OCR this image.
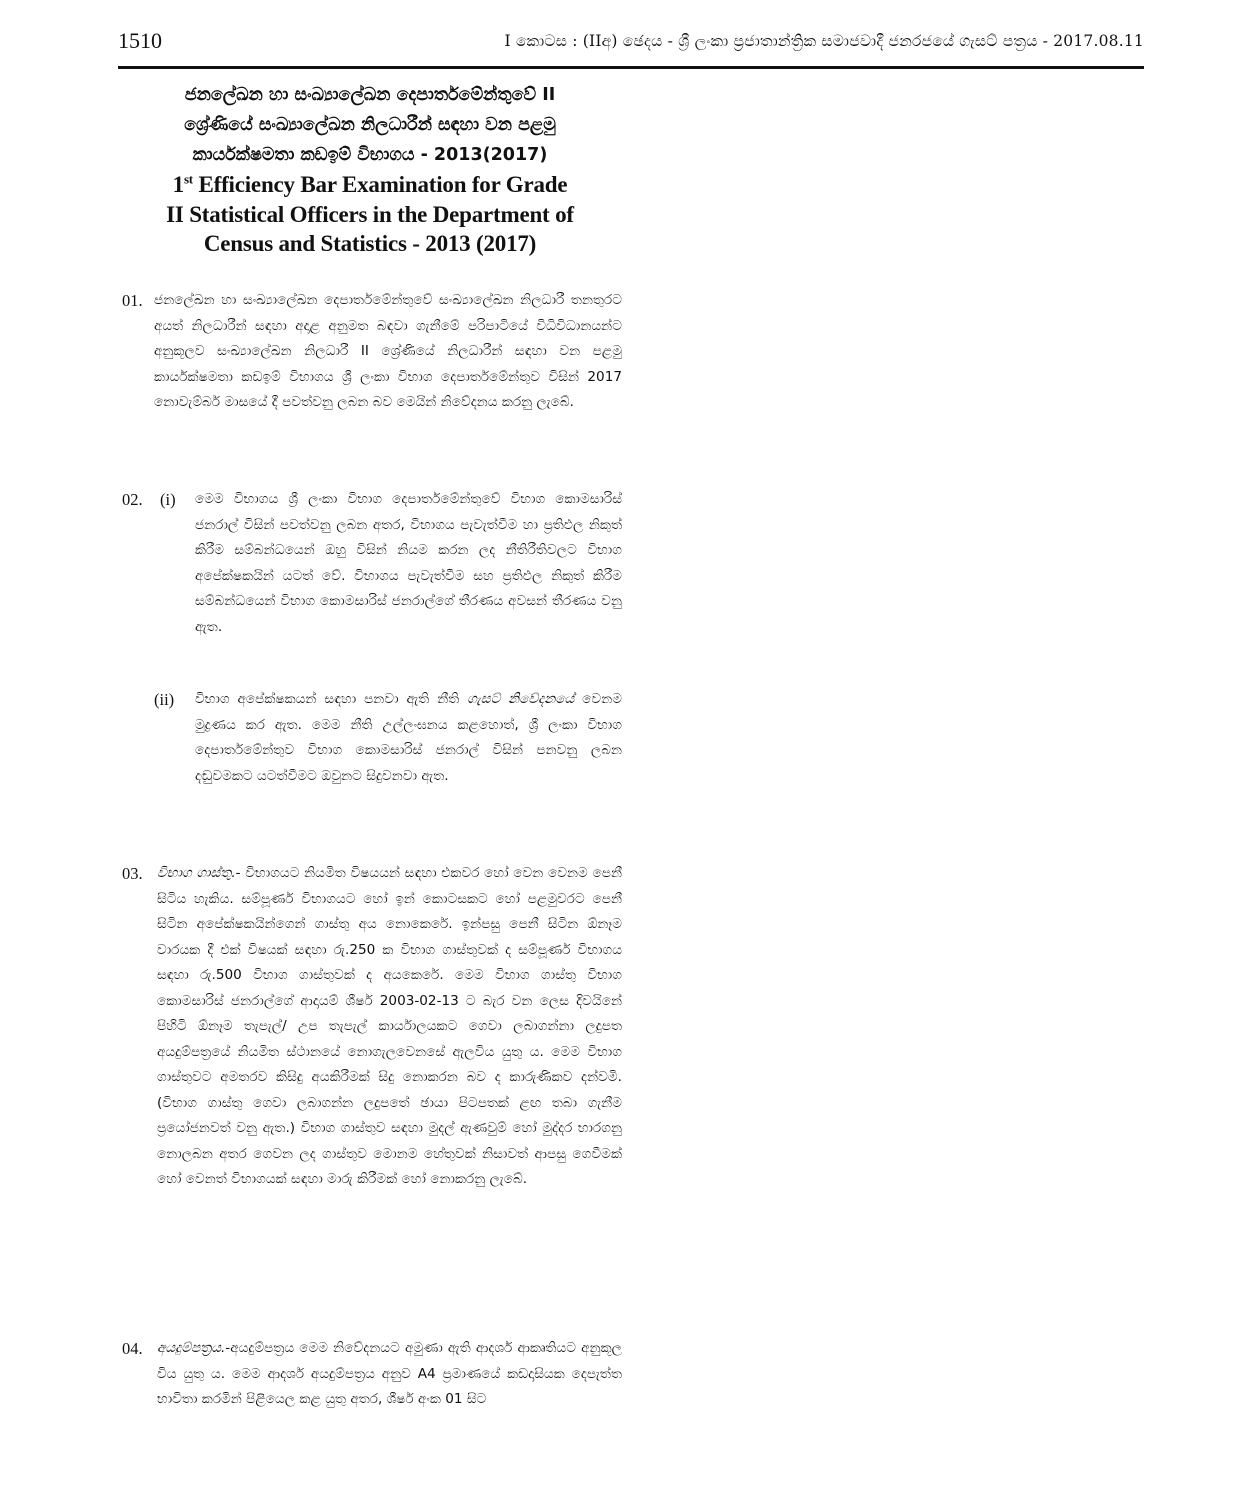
1510	I කොටස : (IIඅ) ඡෙදය - ශ්‍රී ලංකා ප්‍රජාතාන්ත්‍රික සමාජවාදී ජනරජයේ ගැසට් පත්‍රය - 2017.08.11
ජනලේඛන හා සංඛ්‍යාලේඛන දෙපාර්තමේන්තුවේ II
ශ්‍රේණියේ සංඛ්‍යාලේඛන නිලධාරීන් සඳහා වන පළමු
කාර්යක්ෂමතා කඩඉම් විභාගය - 2013(2017)
1st Efficiency Bar Examination for Grade
II Statistical Officers in the Department of
Census and Statistics - 2013 (2017)
01. ජනලේඛන හා සංඛ්‍යාලේඛන දෙපාර්තමේන්තුවේ සංඛ්‍යාලේඛන නිලධාරී තනතුරට අයත් නිලධාරීන් සඳහා අදාළ අනුමත බඳවා ගැනීමේ පරිපාටියේ විධිවිධානයන්ට අනුකූලව සංඛ්‍යාලේඛන නිලධාරී II ශ්‍රේණියේ නිලධාරීන් සඳහා වන පළමු කාර්යක්ෂමතා කඩඉම් විභාගය ශ්‍රී ලංකා විභාග දෙපාර්තමේන්තුව විසින් 2017 නොවැම්බර් මාසයේ දී පවත්වනු ලබන බව මෙයින් නිවේදනය කරනු ලැබේ.
02. (i) මෙම විභාගය ශ්‍රී ලංකා විභාග දෙපාර්තමේන්තුවේ විභාග කොමසාරිස් ජනරාල් විසින් පවත්වනු ලබන අතර, විභාගය පැවැත්වීම හා ප්‍රතිඵල නිකුත් කිරීම සම්බන්ධයෙන් ඔහු විසින් නියම කරන ලද නීතිරීතිවලට විභාග අපේක්ෂකයින් යටත් වේ. විභාගය පැවැත්වීම සහ ප්‍රතිඵල නිකුත් කිරීම සම්බන්ධයෙන් විභාග කොමසාරිස් ජනරාල්ගේ තීරණය අවසන් තීරණය වනු ඇත.
(ii) විභාග අපේක්ෂකයන් සඳහා පනවා ඇති නීති ගැසට් නිවේදනයේ වෙනම මුද්‍රණය කර ඇත. මෙම නීති උල්ලංඝනය කළහොත්, ශ්‍රී ලංකා විභාග දෙපාර්තමේන්තුව විභාග කොමසාරිස් ජනරාල් විසින් පනවනු ලබන දඬුවමකට යටත්වීමට ඔවුනට සිදුවනවා ඇත.
03. විභාග ගාස්තු.- විභාගයට නියමිත විෂයයන් සඳහා එකවර හෝ වෙන වෙනම පෙනී සිටිය හැකිය. සම්පූර්ණ විභාගයට හෝ ඉන් කොටසකට හෝ පළමුවරට පෙනී සිටින අපේක්ෂකයින්ගෙන් ගාස්තු අය නොකෙරේ. ඉන්පසු පෙනී සිටින ඕනෑම වාරයක දී එක් විෂයක් සඳහා රු.250 ක විභාග ගාස්තුවක් ද සම්පූර්ණ විභාගය සඳහා රු.500 විභාග ගාස්තුවක් ද අයකෙරේ. මෙම විභාග ගාස්තු විභාග කොමසාරිස් ජනරාල්ගේ ආදායම් ශීර්ෂ 2003-02-13 ට බැර වන ලෙස දිවයිනේ පිහිටි ඕනෑම තැපැල්/ උප තැපැල් කාර්යාලයකට ගෙවා ලබාගන්නා ලදුපත අයදුම්පත්‍රයේ නියමිත ස්ථානයේ නොගැලවෙනසේ ඇලවිය යුතු ය. මෙම විභාග ගාස්තුවට අමතරව කිසිදු අයකිරීමක් සිදු නොකරන බව ද කාරුණිකව දන්වමි. (විභාග ගාස්තු ගෙවා ලබාගන්න ලදුපතේ ඡායා පිටපතක් ළඟ තබා ගැනීම ප්‍රයෝජනවත් වනු ඇත.) විභාග ගාස්තුව සඳහා මුදල් ඇණවුම් හෝ මුද්දර භාරගනු නොලබන අතර ගෙවන ලද ගාස්තුව මොනම හේතුවක් නිසාවත් ආපසු ගෙවීමක් හෝ වෙනත් විභාගයක් සඳහා මාරු කිරීමක් හෝ නොකරනු ලැබේ.
04. අයදුම්පත්‍රය.-අයදුම්පත්‍රය මෙම නිවේදනයට අමුණා ඇති ආදර්ශ ආකෘතියට අනුකූල විය යුතු ය. මෙම ආදර්ශ අයදුම්පත්‍රය අනුව A4 ප්‍රමාණයේ කඩදාසියක දෙපැත්ත භාවිතා කරමින් පිළියෙල කළ යුතු අතර, ශීර්ෂ අංක 01 සිට
